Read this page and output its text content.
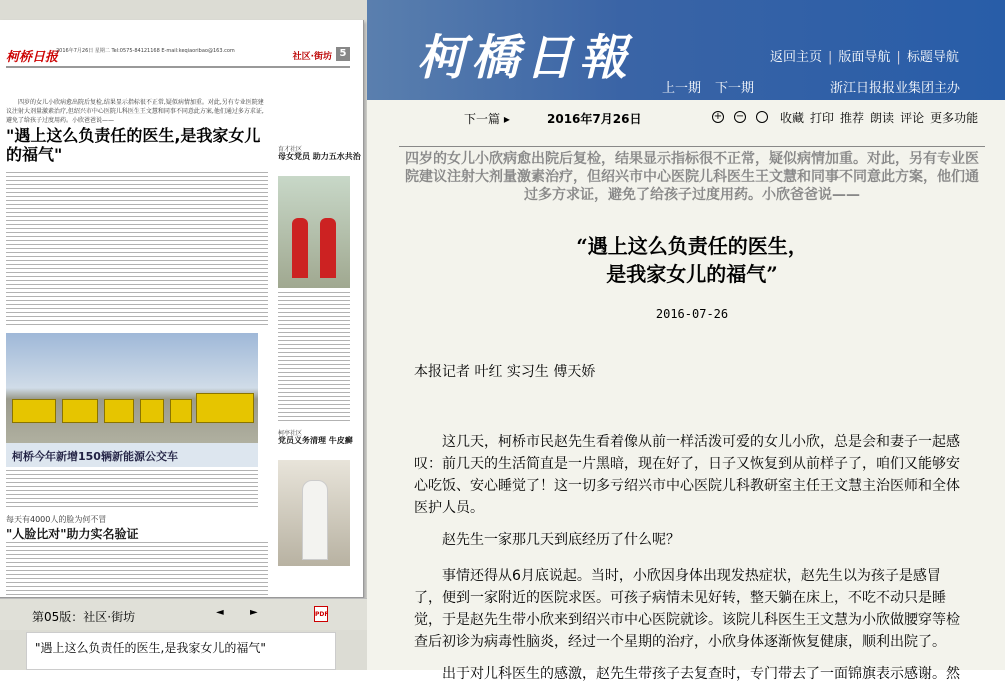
柯桥日报
2016年7月26日 星期二 Tel:0575-84121168 E-mail:keqiaoribao@163.com
社区·街坊 5
四岁的女儿小欣病愈出院后复检,结果显示指标很不正常,疑似病情加重。对此,另有专业医院建议注射大剂量激素治疗,但绍兴市中心医院儿科医生王文慧和同事不同意此方案,他们通过多方求证,避免了给孩子过度用药。小欣爸爸说——
"遇上这么负责任的医生,是我家女儿的福气"	育才社区
母女党员 助力五水共治
柯桥今年新增150辆新能源公交车
每天有4000人的脸为何不冒
"人脸比对"助力实名验证
柯亭社区
党员义务清理 牛皮癣
第05版：社区·街坊	◄	►	PDF
"遇上这么负责任的医生,是我家女儿的福气"
柯橋日報	返回主页 | 版面导航 | 标题导航
上一期 下一期	浙江日报报业集团主办
下一篇 ▸	2016年7月26日	+ −	收藏 打印 推荐 朗读 评论 更多功能
四岁的女儿小欣病愈出院后复检，结果显示指标很不正常，疑似病情加重。对此，另有专业医院建议注射大剂量激素治疗，但绍兴市中心医院儿科医生王文慧和同事不同意此方案，他们通过多方求证，避免了给孩子过度用药。小欣爸爸说——
“遇上这么负责任的医生，
是我家女儿的福气”
2016-07-26
本报记者 叶红 实习生 傅天娇
这几天，柯桥市民赵先生看着像从前一样活泼可爱的女儿小欣，总是会和妻子一起感叹：前几天的生活简直是一片黑暗，现在好了，日子又恢复到从前样子了，咱们又能够安心吃饭、安心睡觉了！这一切多亏绍兴市中心医院儿科教研室主任王文慧主治医师和全体医护人员。
赵先生一家那几天到底经历了什么呢？
事情还得从6月底说起。当时，小欣因身体出现发热症状，赵先生以为孩子是感冒了，便到一家附近的医院求医。可孩子病情未见好转，整天躺在床上，不吃不动只是睡觉，于是赵先生带小欣来到绍兴市中心医院就诊。该院儿科医生王文慧为小欣做腰穿等检查后初诊为病毒性脑炎，经过一个星期的治疗，小欣身体逐渐恢复健康，顺利出院了。
出于对儿科医生的感激，赵先生带孩子去复查时，专门带去了一面锦旗表示感谢。然
